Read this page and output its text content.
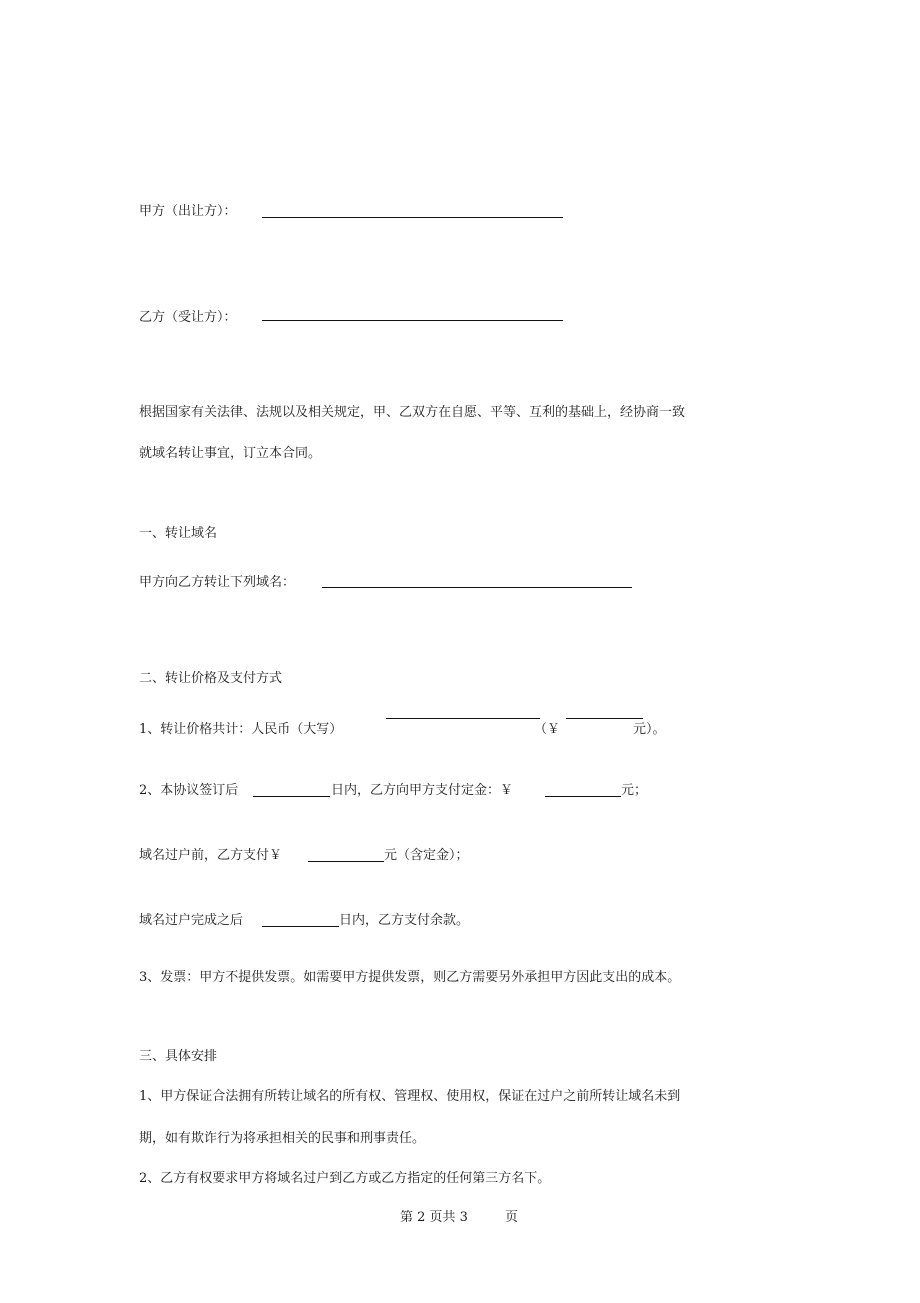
甲方（出让方）：
乙方（受让方）：
根据国家有关法律、法规以及相关规定，甲、乙双方在自愿、平等、互利的基础上，经协商一致
就域名转让事宜，订立本合同。
一、转让域名
甲方向乙方转让下列域名：
二、转让价格及支付方式
1、转让价格共计：人民币（大写）	（￥	元）。
2、本协议签订后	日内，乙方向甲方支付定金：￥	元；
域名过户前，乙方支付￥	元（含定金）；
域名过户完成之后	日内，乙方支付余款。
3、发票：甲方不提供发票。如需要甲方提供发票，则乙方需要另外承担甲方因此支出的成本。
三、具体安排
1、甲方保证合法拥有所转让域名的所有权、管理权、使用权，保证在过户之前所转让域名未到
期，如有欺诈行为将承担相关的民事和刑事责任。
2、乙方有权要求甲方将域名过户到乙方或乙方指定的任何第三方名下。
第 2 页共 3	页
